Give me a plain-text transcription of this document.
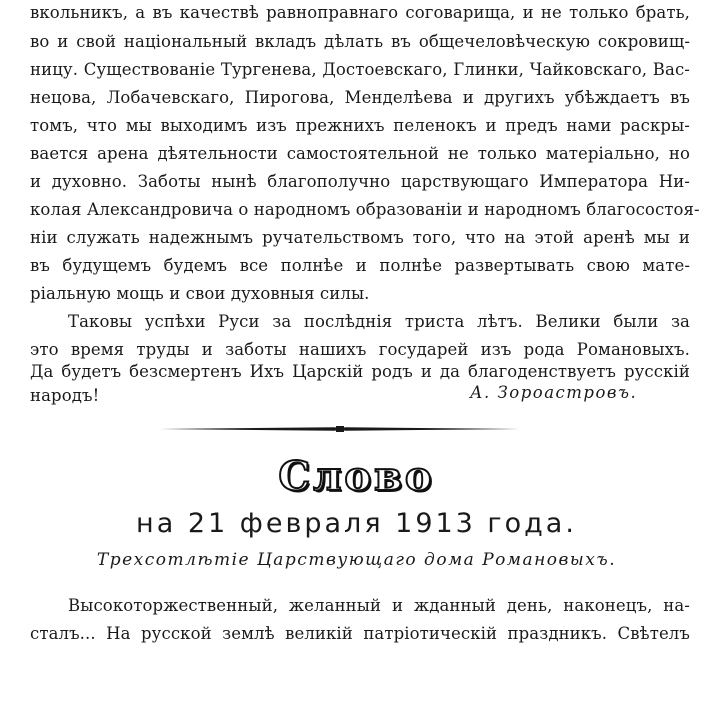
вкольникъ, а въ качествѣ равноправнаго соговарища, и не только брать,
во и свой національный вкладъ дѣлать въ общечеловѣческую сокровищ-
ницу. Существованіе Тургенева, Достоевскаго, Глинки, Чайковскаго, Вас-
нецова, Лобачевскаго, Пирогова, Менделѣева и другихъ убѣждаетъ въ
томъ, что мы выходимъ изъ прежнихъ пеленокъ и предъ нами раскры-
вается арена дѣятельности самостоятельной не только матеріально, но
и духовно. Заботы нынѣ благополучно царствующаго Императора Ни-
колая Александровича о народномъ образованіи и народномъ благосостоя-
ніи служать надежнымъ ручательствомъ того, что на этой аренѣ мы и
въ будущемъ будемъ все полнѣе и полнѣе развертывать свою мате-
ріальную мощь и свои духовныя силы.
Таковы успѣхи Руси за послѣднія триста лѣтъ. Велики были за
это время труды и заботы нашихъ государей изъ рода Романовыхъ.
Да будетъ безсмертенъ Ихъ Царскій родъ и да благоденствуетъ русскій
народъ!	А. Зороастровъ.
Слово
на 21 февраля 1913 года.
Трехсотлѣтіе Царствующаго дома Романовыхъ.
Высокоторжественный, желанный и жданный день, наконецъ, на-
сталъ... На русской землѣ великій патріотическій праздникъ. Свѣтелъ
